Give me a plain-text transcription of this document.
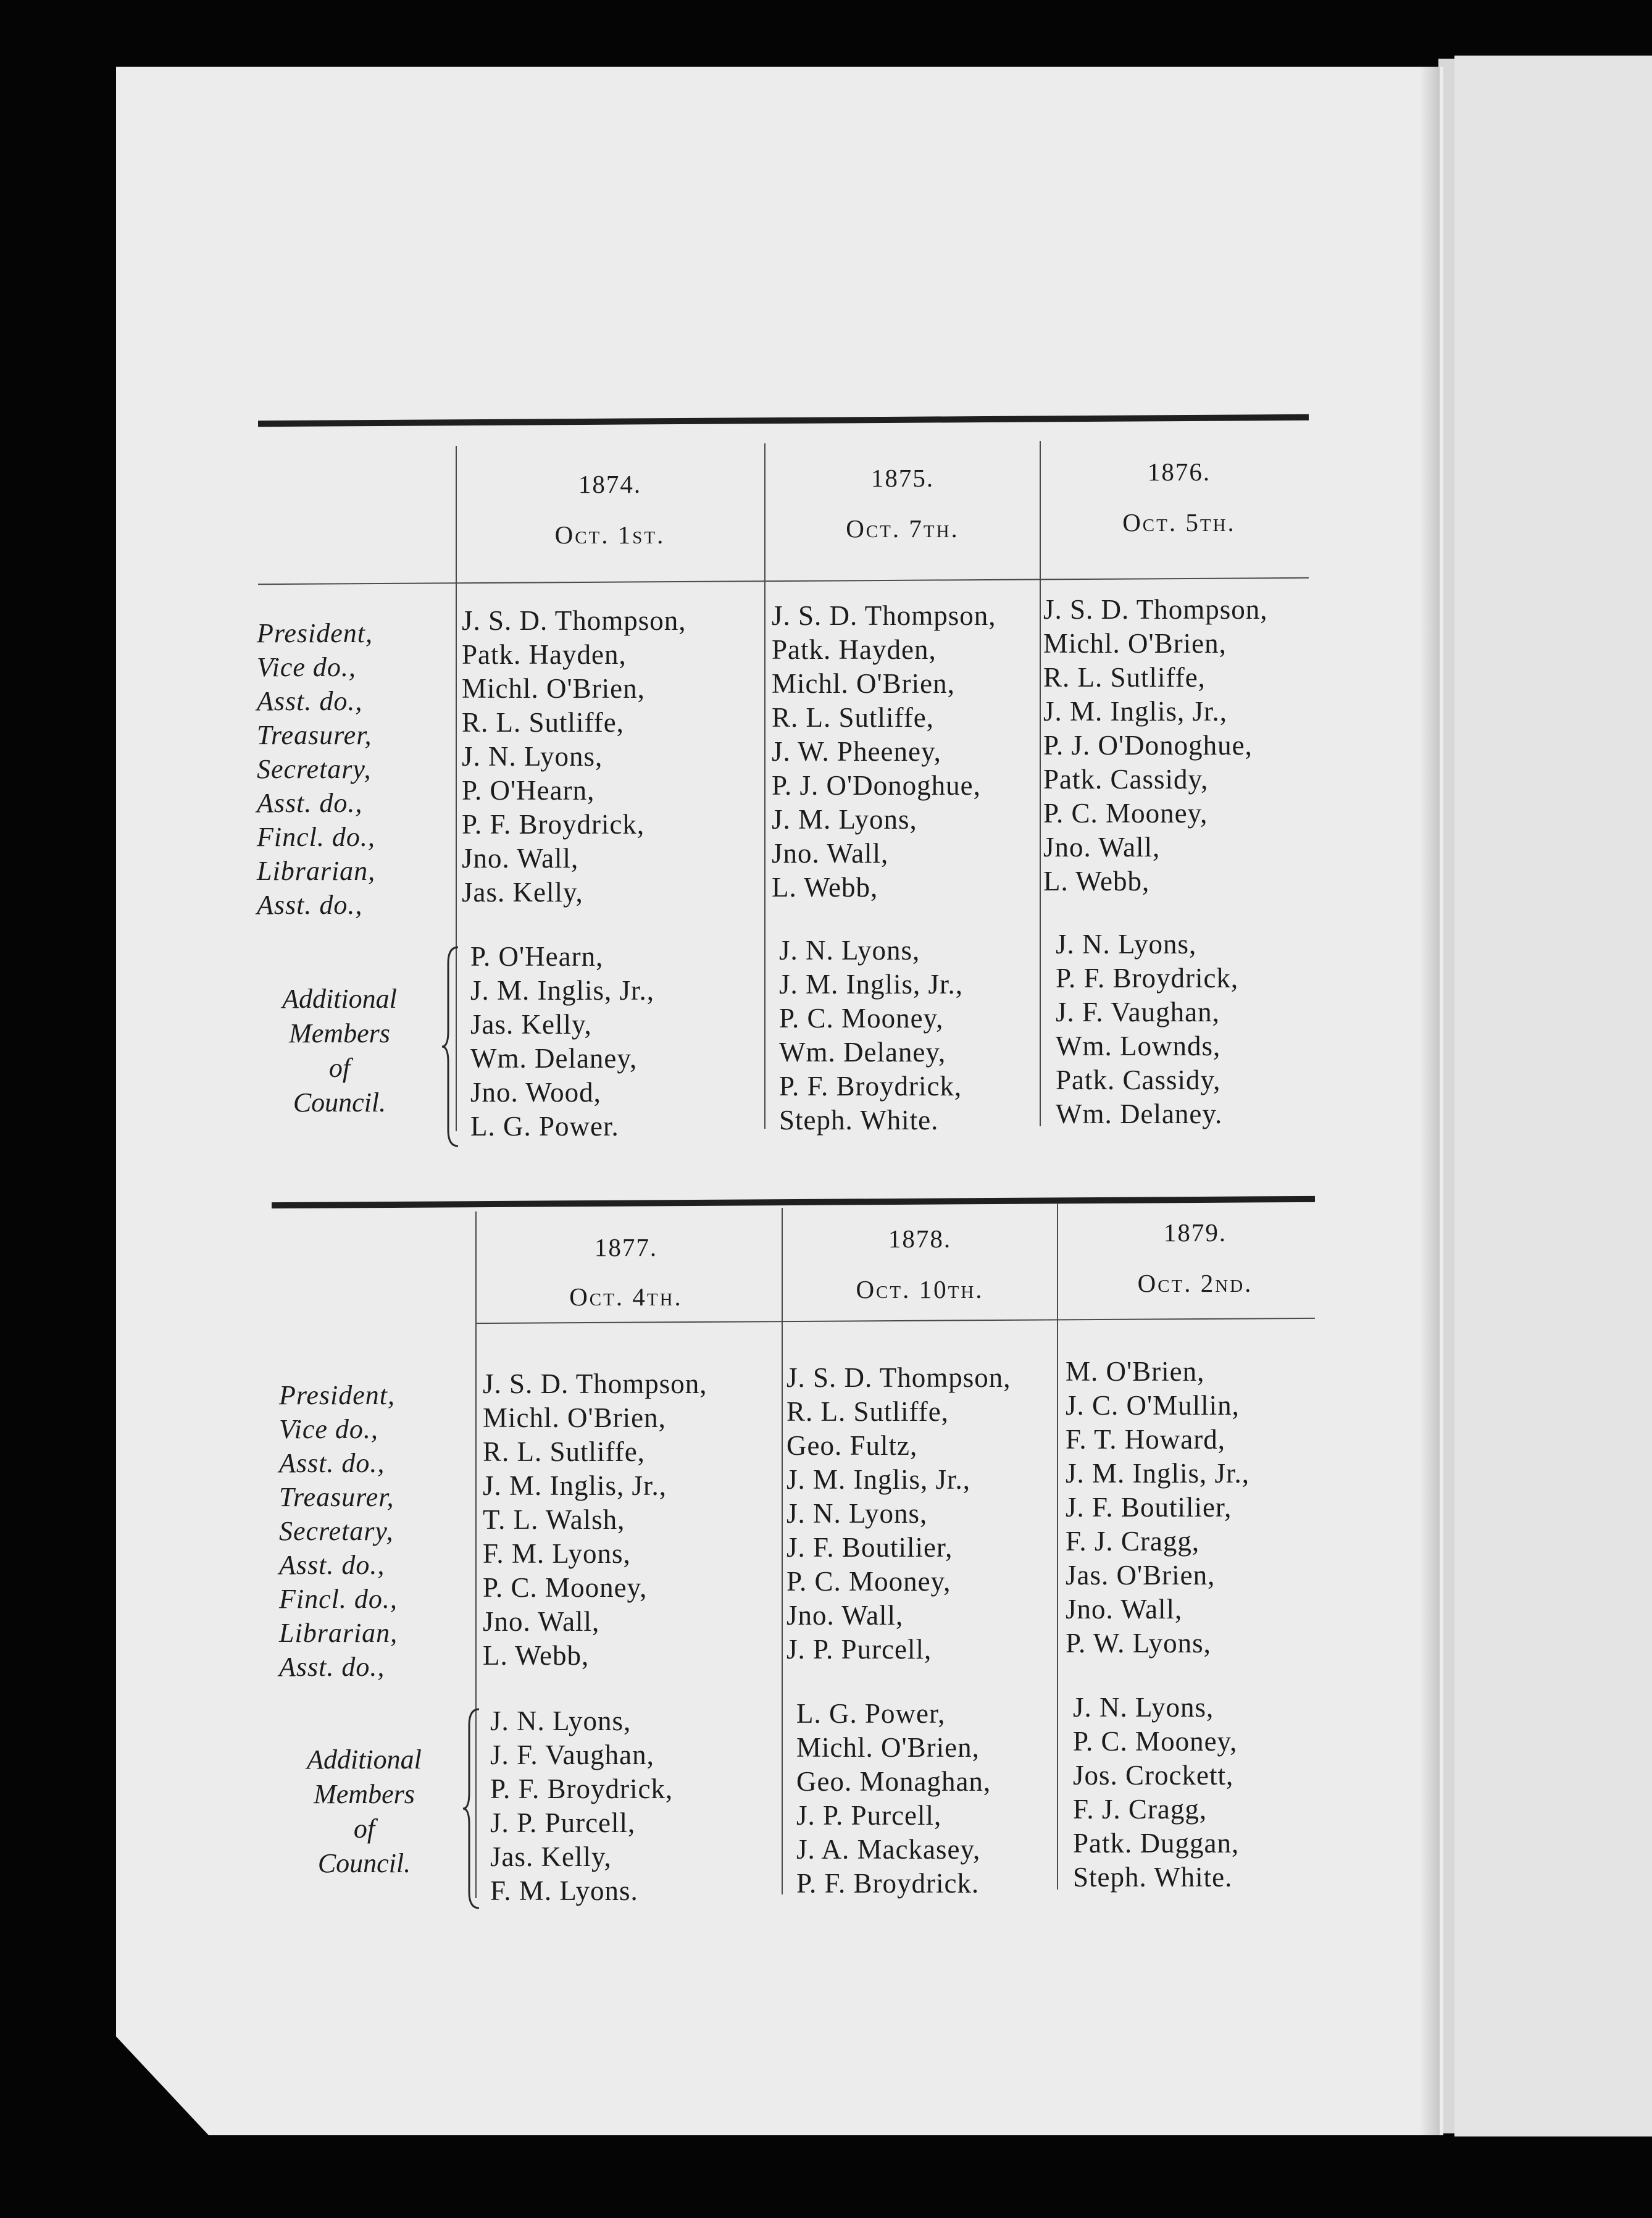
1874.
Oct. 1st.
1875.
Oct. 7th.
1876.
Oct. 5th.
President,
Vice do.,
Asst. do.,
Treasurer,
Secretary,
Asst. do.,
Fincl. do.,
Librarian,
Asst. do.,
J. S. D. Thompson,
Patk. Hayden,
Michl. O'Brien,
R. L. Sutliffe,
J. N. Lyons,
P. O'Hearn,
P. F. Broydrick,
Jno. Wall,
Jas. Kelly,
J. S. D. Thompson,
Patk. Hayden,
Michl. O'Brien,
R. L. Sutliffe,
J. W. Pheeney,
P. J. O'Donoghue,
J. M. Lyons,
Jno. Wall,
L. Webb,
J. S. D. Thompson,
Michl. O'Brien,
R. L. Sutliffe,
J. M. Inglis, Jr.,
P. J. O'Donoghue,
Patk. Cassidy,
P. C. Mooney,
Jno. Wall,
L. Webb,
Additional
Members
of
Council.
P. O'Hearn,
J. M. Inglis, Jr.,
Jas. Kelly,
Wm. Delaney,
Jno. Wood,
L. G. Power.
J. N. Lyons,
J. M. Inglis, Jr.,
P. C. Mooney,
Wm. Delaney,
P. F. Broydrick,
Steph. White.
J. N. Lyons,
P. F. Broydrick,
J. F. Vaughan,
Wm. Lownds,
Patk. Cassidy,
Wm. Delaney.
1877.
Oct. 4th.
1878.
Oct. 10th.
1879.
Oct. 2nd.
President,
Vice do.,
Asst. do.,
Treasurer,
Secretary,
Asst. do.,
Fincl. do.,
Librarian,
Asst. do.,
J. S. D. Thompson,
Michl. O'Brien,
R. L. Sutliffe,
J. M. Inglis, Jr.,
T. L. Walsh,
F. M. Lyons,
P. C. Mooney,
Jno. Wall,
L. Webb,
J. S. D. Thompson,
R. L. Sutliffe,
Geo. Fultz,
J. M. Inglis, Jr.,
J. N. Lyons,
J. F. Boutilier,
P. C. Mooney,
Jno. Wall,
J. P. Purcell,
M. O'Brien,
J. C. O'Mullin,
F. T. Howard,
J. M. Inglis, Jr.,
J. F. Boutilier,
F. J. Cragg,
Jas. O'Brien,
Jno. Wall,
P. W. Lyons,
Additional
Members
of
Council.
J. N. Lyons,
J. F. Vaughan,
P. F. Broydrick,
J. P. Purcell,
Jas. Kelly,
F. M. Lyons.
L. G. Power,
Michl. O'Brien,
Geo. Monaghan,
J. P. Purcell,
J. A. Mackasey,
P. F. Broydrick.
J. N. Lyons,
P. C. Mooney,
Jos. Crockett,
F. J. Cragg,
Patk. Duggan,
Steph. White.
